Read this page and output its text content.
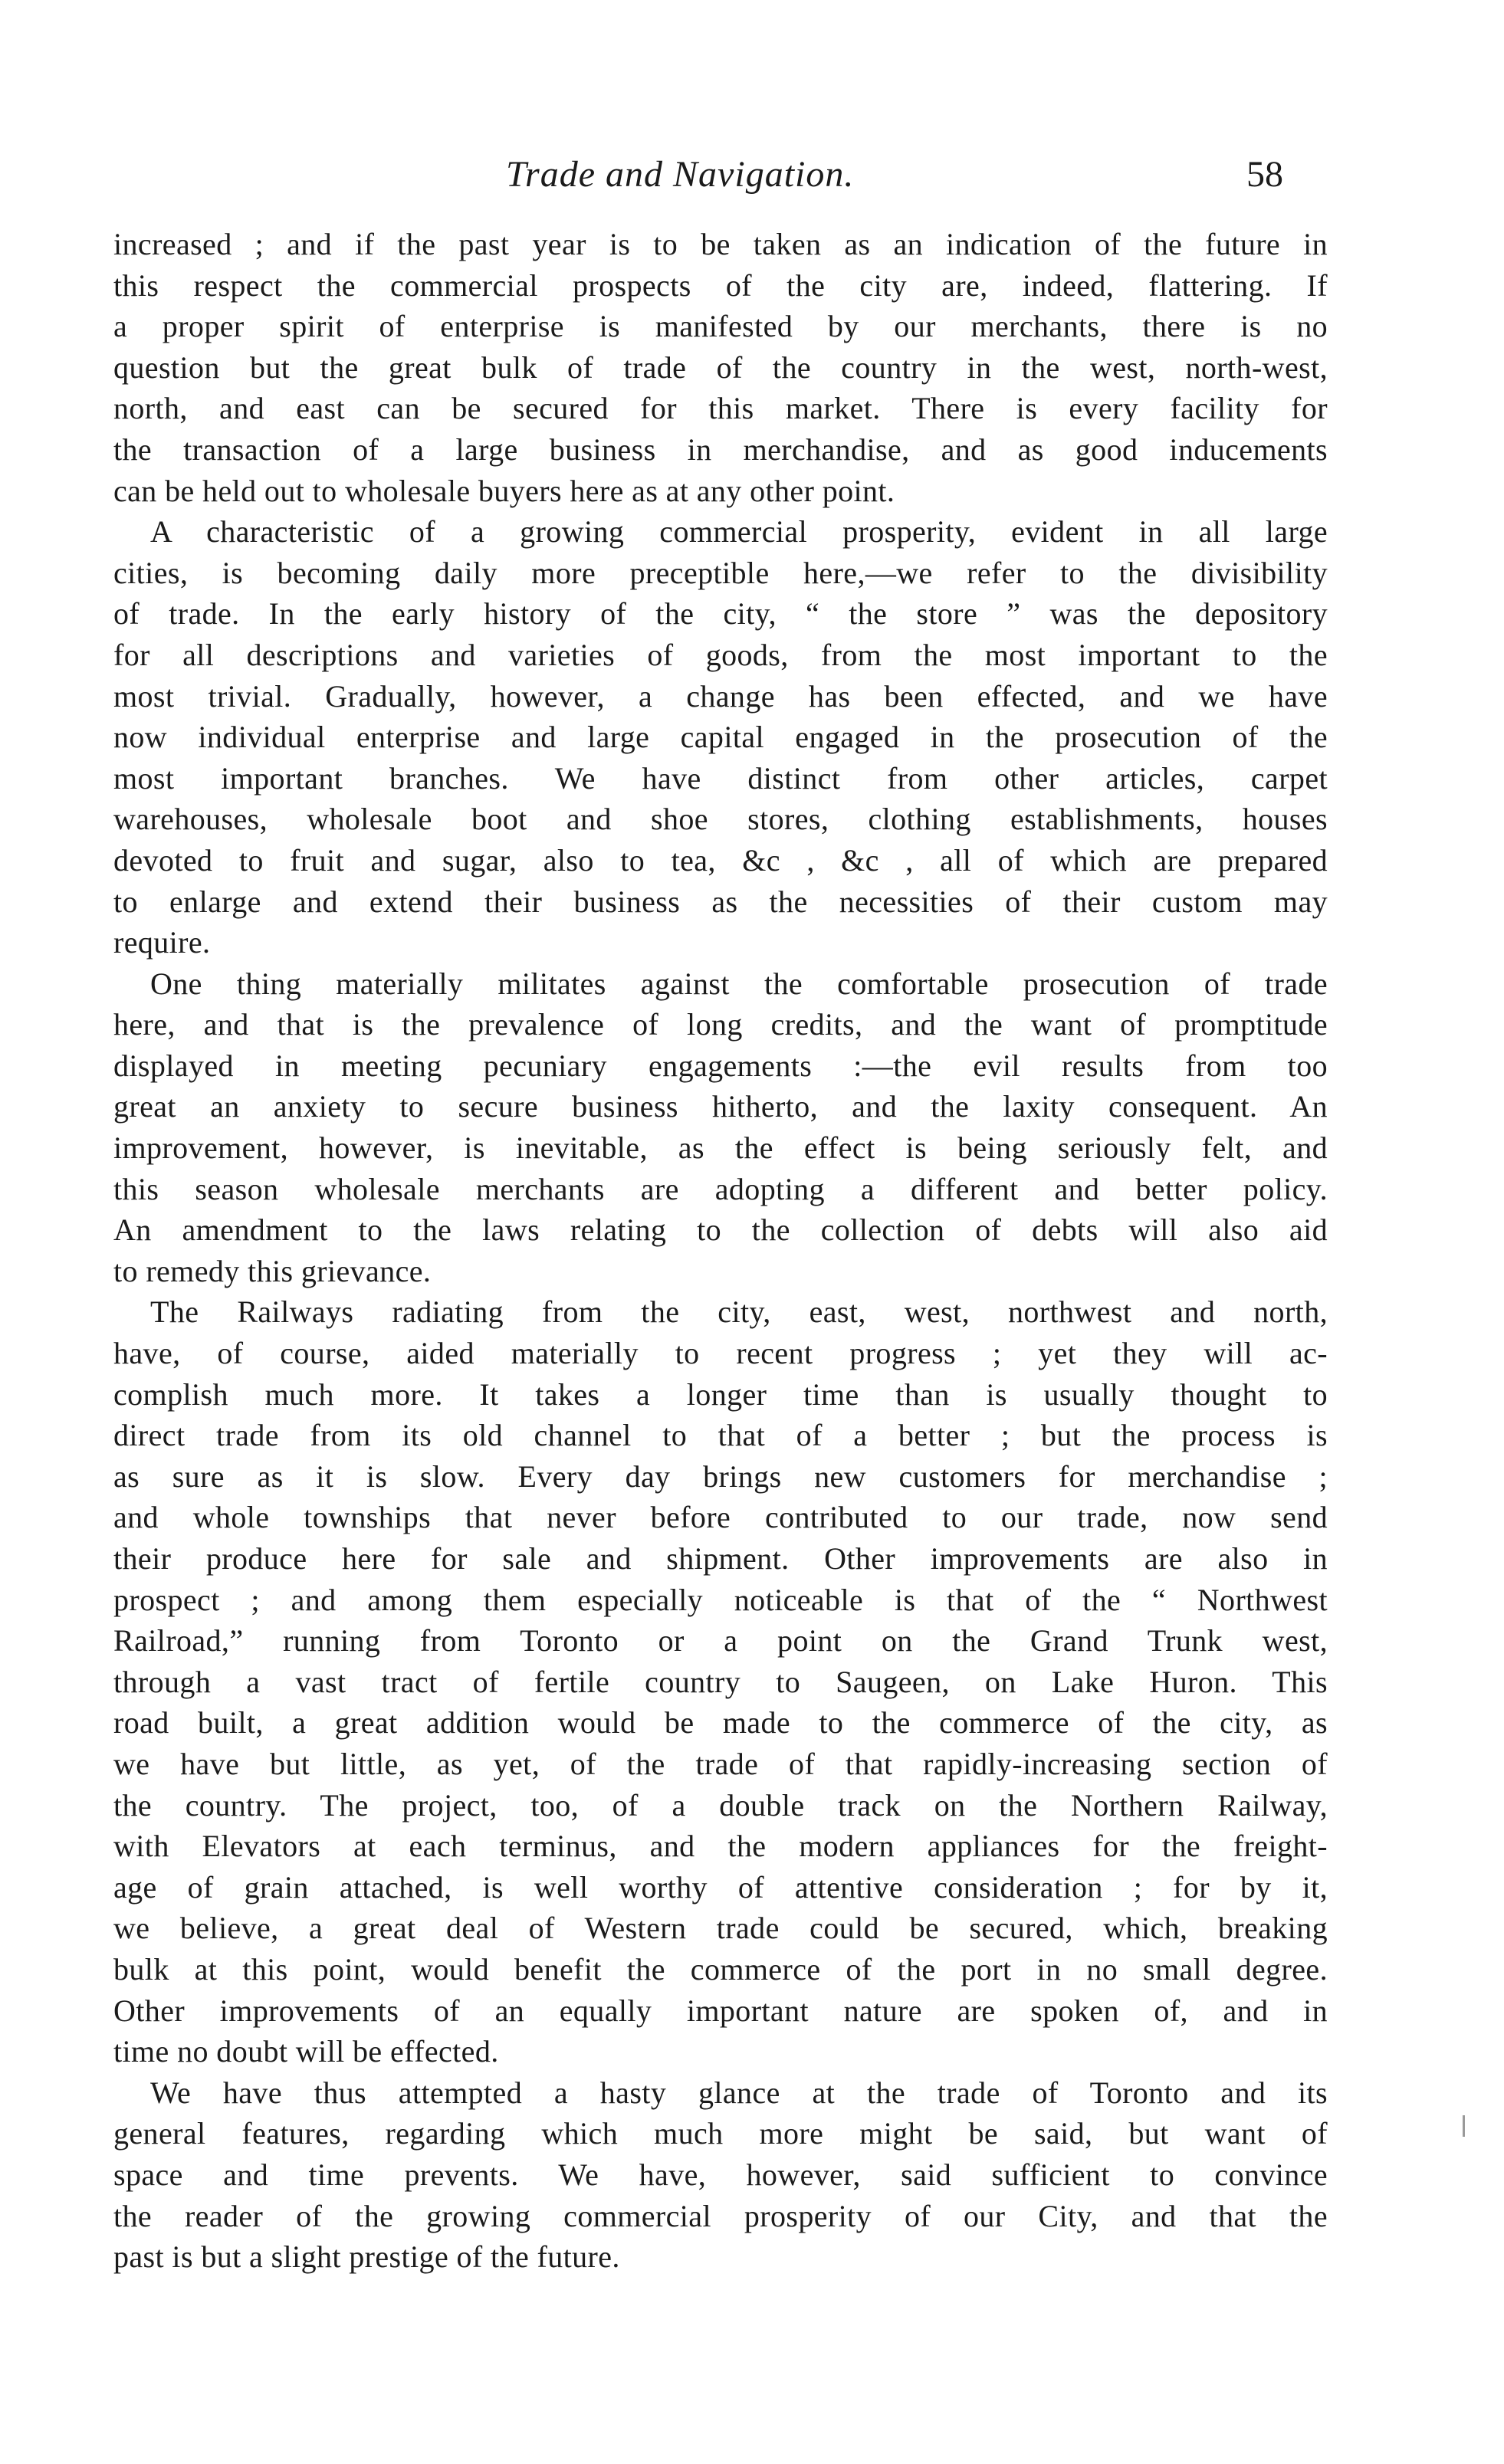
Trade and Navigation.	58
increased ; and if the past year is to be taken as an indication of the future in
this respect the commercial prospects of the city are, indeed, flattering. If
a proper spirit of enterprise is manifested by our merchants, there is no
question but the great bulk of trade of the country in the west, north-west,
north, and east can be secured for this market. There is every facility for
the transaction of a large business in merchandise, and as good inducements
can be held out to wholesale buyers here as at any other point.
A characteristic of a growing commercial prosperity, evident in all large
cities, is becoming daily more preceptible here,—we refer to the divisibility
of trade. In the early history of the city, “ the store ” was the depository
for all descriptions and varieties of goods, from the most important to the
most trivial. Gradually, however, a change has been effected, and we have
now individual enterprise and large capital engaged in the prosecution of the
most important branches. We have distinct from other articles, carpet
warehouses, wholesale boot and shoe stores, clothing establishments, houses
devoted to fruit and sugar, also to tea, &c , &c , all of which are prepared
to enlarge and extend their business as the necessities of their custom may
require.
One thing materially militates against the comfortable prosecution of trade
here, and that is the prevalence of long credits, and the want of promptitude
displayed in meeting pecuniary engagements :—the evil results from too
great an anxiety to secure business hitherto, and the laxity consequent. An
improvement, however, is inevitable, as the effect is being seriously felt, and
this season wholesale merchants are adopting a different and better policy.
An amendment to the laws relating to the collection of debts will also aid
to remedy this grievance.
The Railways radiating from the city, east, west, northwest and north,
have, of course, aided materially to recent progress ; yet they will ac-
complish much more. It takes a longer time than is usually thought to
direct trade from its old channel to that of a better ; but the process is
as sure as it is slow. Every day brings new customers for merchandise ;
and whole townships that never before contributed to our trade, now send
their produce here for sale and shipment. Other improvements are also in
prospect ; and among them especially noticeable is that of the “ Northwest
Railroad,” running from Toronto or a point on the Grand Trunk west,
through a vast tract of fertile country to Saugeen, on Lake Huron. This
road built, a great addition would be made to the commerce of the city, as
we have but little, as yet, of the trade of that rapidly-increasing section of
the country. The project, too, of a double track on the Northern Railway,
with Elevators at each terminus, and the modern appliances for the freight-
age of grain attached, is well worthy of attentive consideration ; for by it,
we believe, a great deal of Western trade could be secured, which, breaking
bulk at this point, would benefit the commerce of the port in no small degree.
Other improvements of an equally important nature are spoken of, and in
time no doubt will be effected.
We have thus attempted a hasty glance at the trade of Toronto and its
general features, regarding which much more might be said, but want of
space and time prevents. We have, however, said sufficient to convince
the reader of the growing commercial prosperity of our City, and that the
past is but a slight prestige of the future.
